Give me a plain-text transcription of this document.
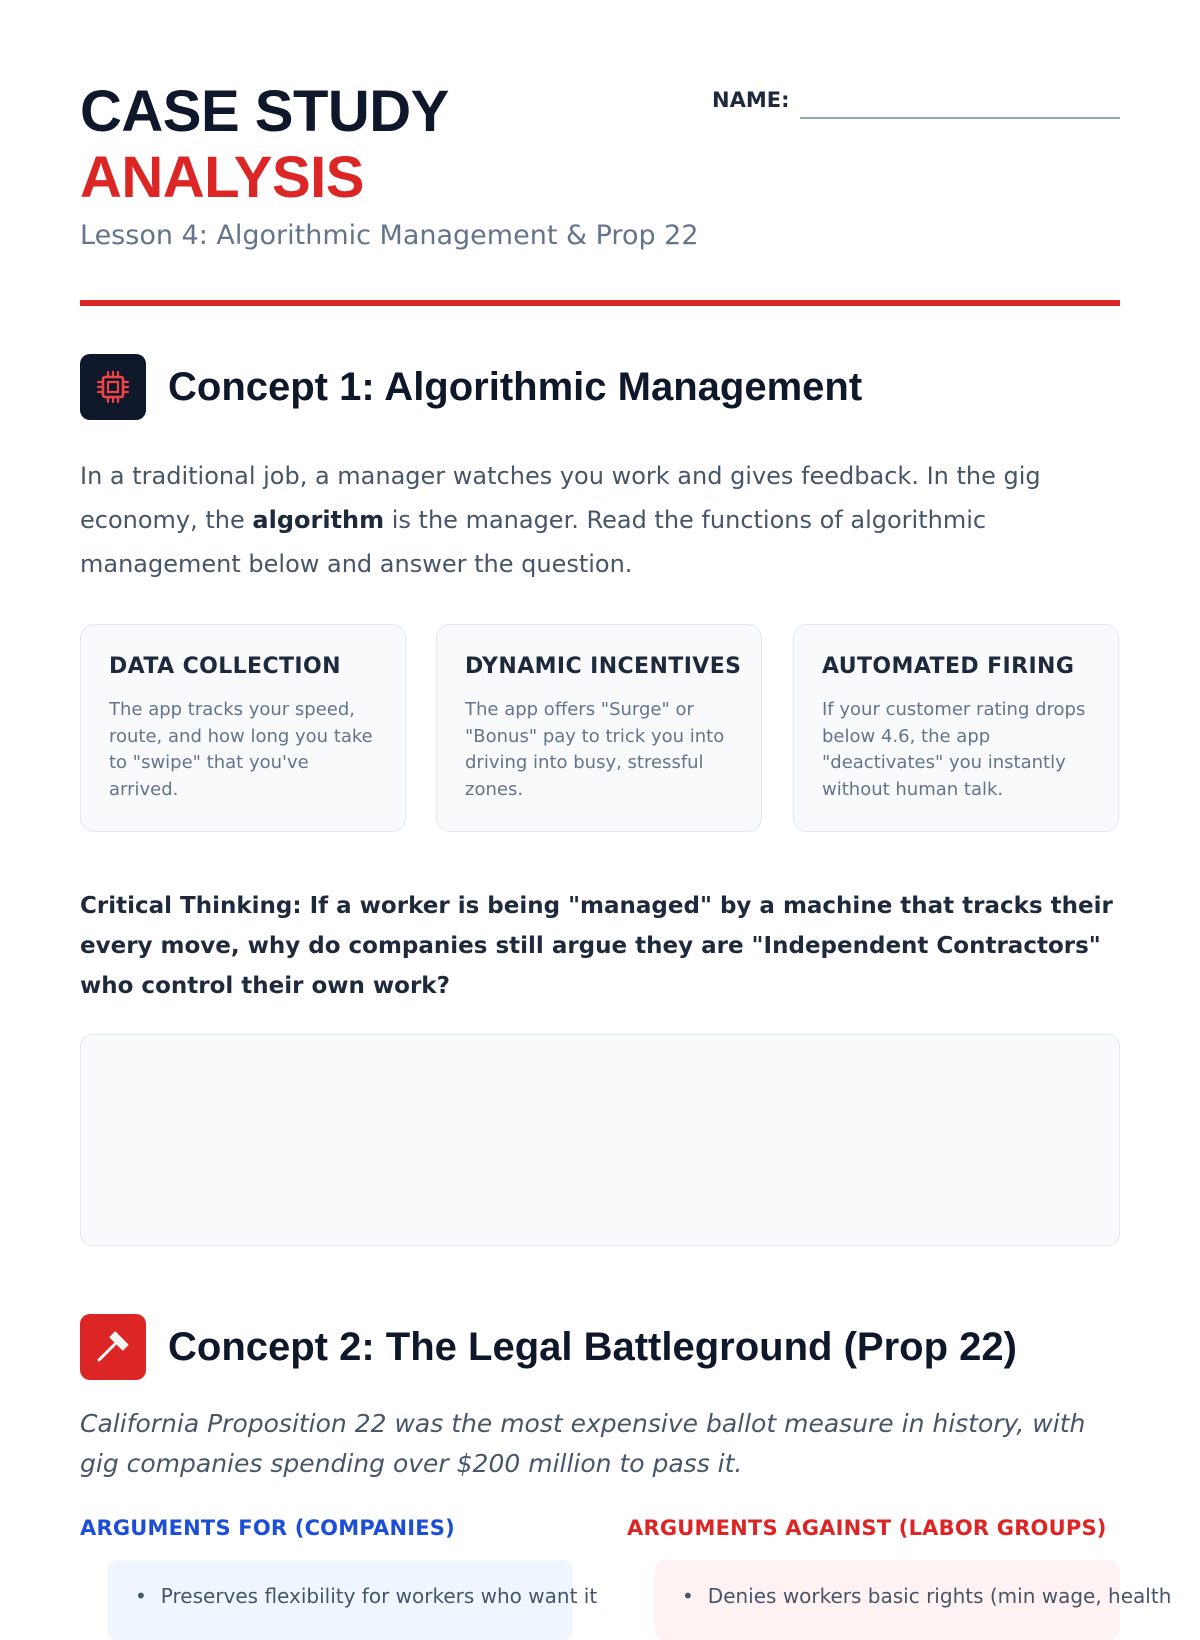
CASE STUDY
ANALYSIS
Lesson 4: Algorithmic Management & Prop 22
NAME:
Concept 1: Algorithmic Management
In a traditional job, a manager watches you work and gives feedback. In the gig economy, the algorithm is the manager. Read the functions of algorithmic management below and answer the question.
DATA COLLECTION
The app tracks your speed, route, and how long you take to "swipe" that you've arrived.
DYNAMIC INCENTIVES
The app offers "Surge" or "Bonus" pay to trick you into driving into busy, stressful zones.
AUTOMATED FIRING
If your customer rating drops below 4.6, the app "deactivates" you instantly without human talk.
Critical Thinking: If a worker is being "managed" by a machine that tracks their every move, why do companies still argue they are "Independent Contractors" who control their own work?
Concept 2: The Legal Battleground (Prop 22)
California Proposition 22 was the most expensive ballot measure in history, with gig companies spending over $200 million to pass it.
ARGUMENTS FOR (COMPANIES)	ARGUMENTS AGAINST (LABOR GROUPS)
• Preserves flexibility for workers who want it
•	Denies workers basic rights (min wage, health
